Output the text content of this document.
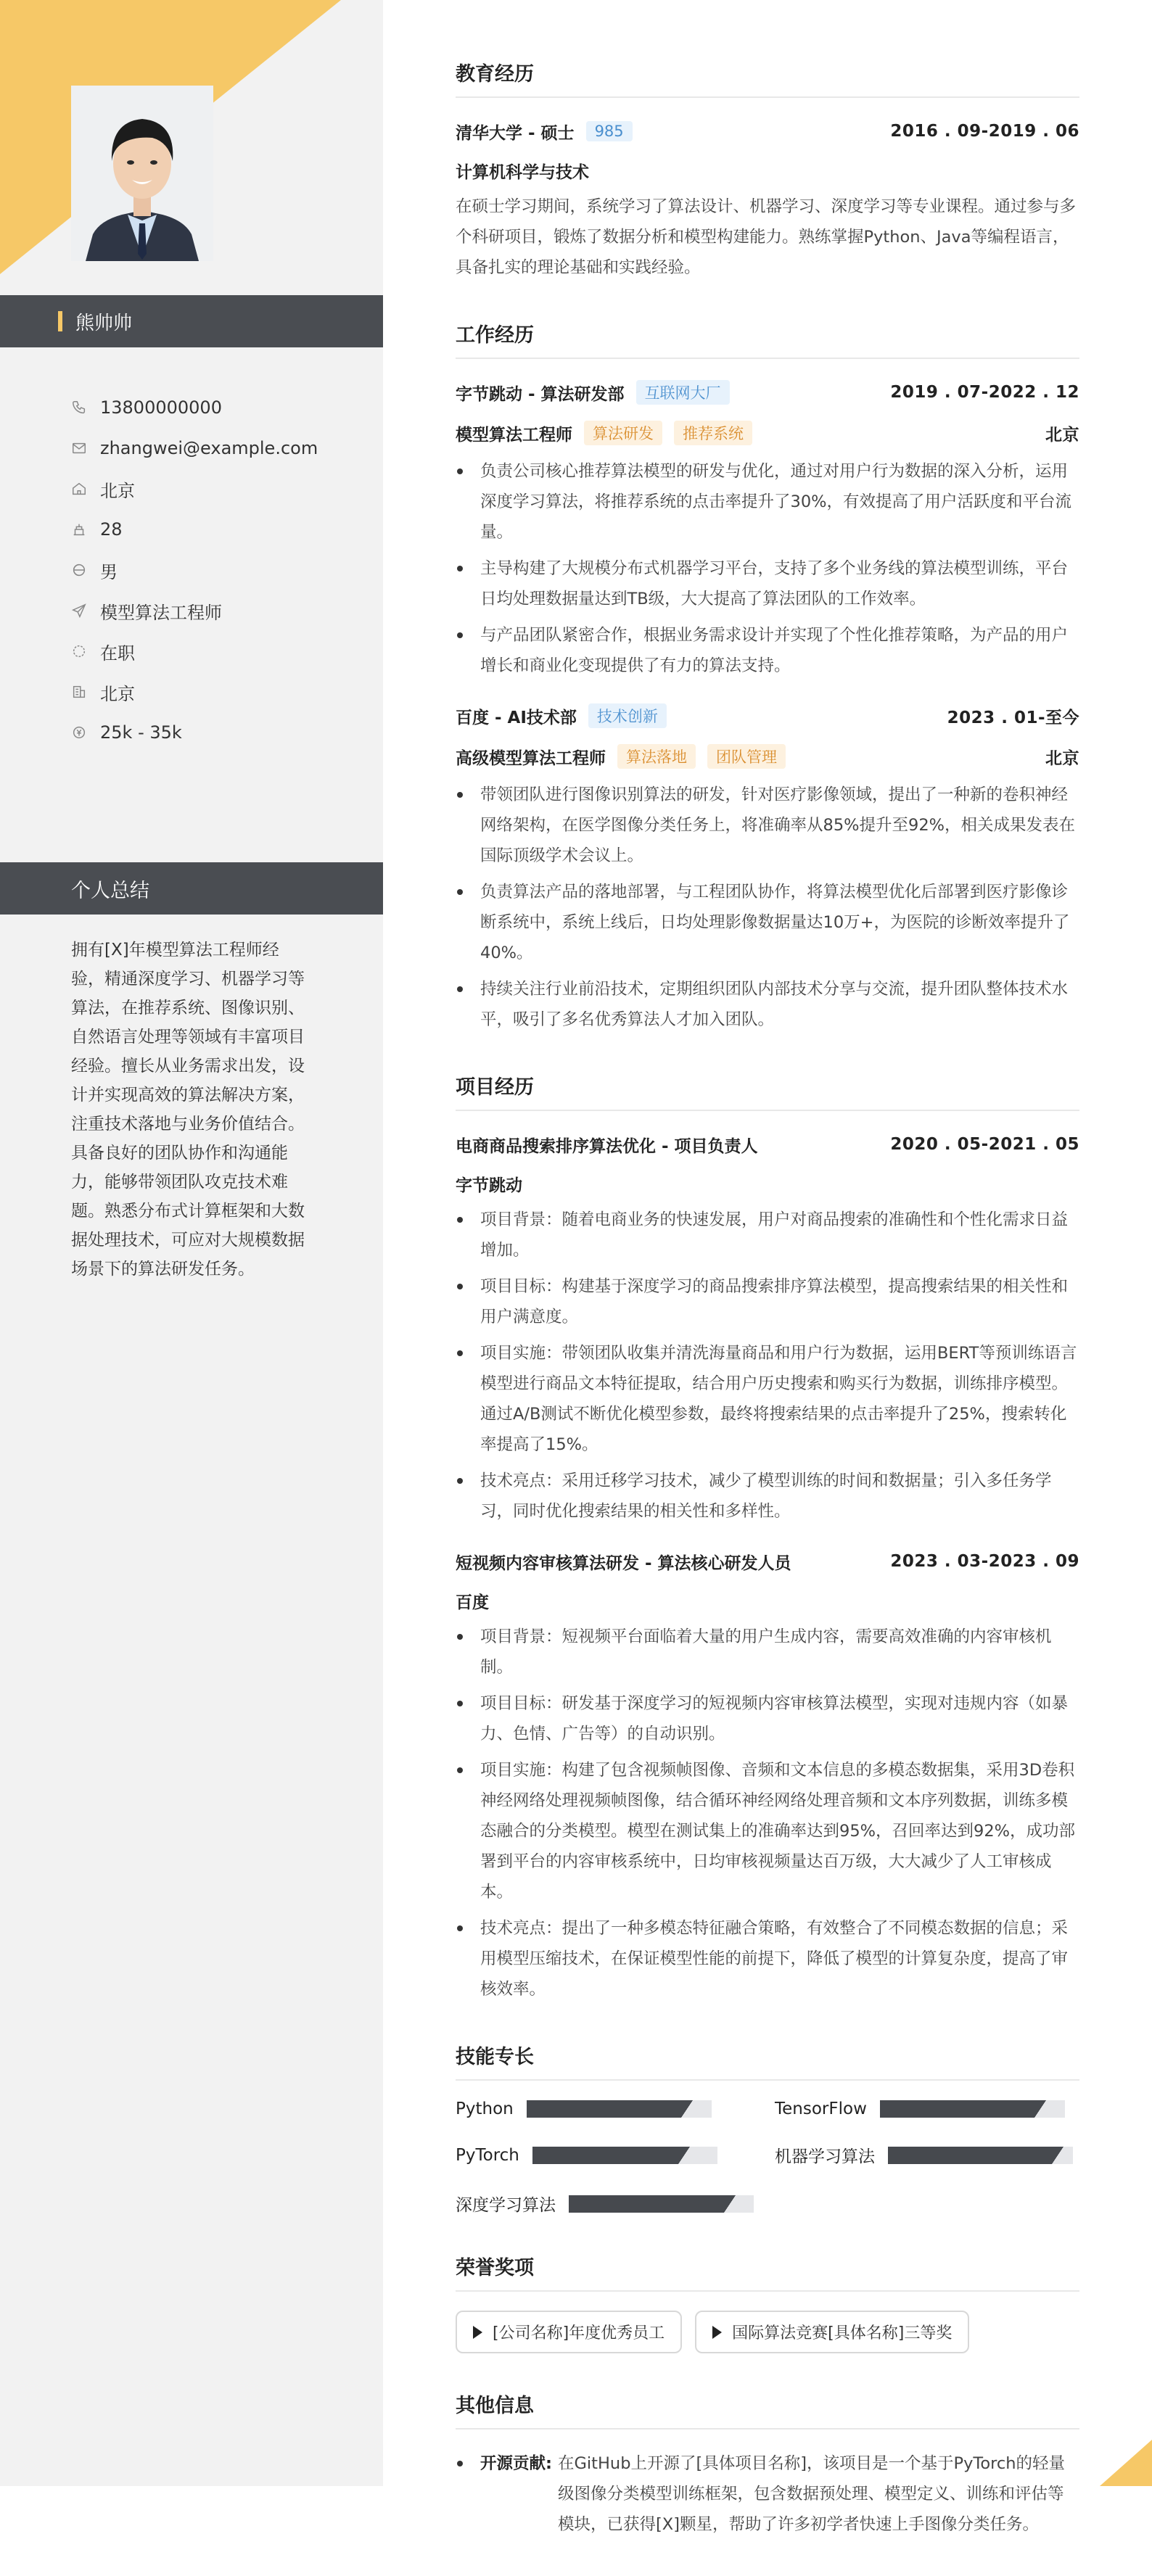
熊帅帅
13800000000
zhangwei@example.com
北京
28
男
模型算法工程师
在职
北京
25k - 35k
个人总结
拥有[X]年模型算法工程师经验，精通深度学习、机器学习等算法，在推荐系统、图像识别、自然语言处理等领域有丰富项目经验。擅长从业务需求出发，设计并实现高效的算法解决方案，注重技术落地与业务价值结合。具备良好的团队协作和沟通能力，能够带领团队攻克技术难题。熟悉分布式计算框架和大数据处理技术，可应对大规模数据场景下的算法研发任务。
教育经历
清华大学 - 硕士	985	2016 . 09-2019 . 06
计算机科学与技术
在硕士学习期间，系统学习了算法设计、机器学习、深度学习等专业课程。通过参与多个科研项目，锻炼了数据分析和模型构建能力。熟练掌握Python、Java等编程语言，具备扎实的理论基础和实践经验。
工作经历
字节跳动 - 算法研发部	互联网大厂	2019 . 07-2022 . 12
模型算法工程师	算法研发	推荐系统	北京
负责公司核心推荐算法模型的研发与优化，通过对用户行为数据的深入分析，运用深度学习算法，将推荐系统的点击率提升了30%，有效提高了用户活跃度和平台流量。
主导构建了大规模分布式机器学习平台，支持了多个业务线的算法模型训练，平台日均处理数据量达到TB级，大大提高了算法团队的工作效率。
与产品团队紧密合作，根据业务需求设计并实现了个性化推荐策略，为产品的用户增长和商业化变现提供了有力的算法支持。
百度 - AI技术部	技术创新	2023 . 01-至今
高级模型算法工程师	算法落地	团队管理	北京
带领团队进行图像识别算法的研发，针对医疗影像领域，提出了一种新的卷积神经网络架构，在医学图像分类任务上，将准确率从85%提升至92%，相关成果发表在国际顶级学术会议上。
负责算法产品的落地部署，与工程团队协作，将算法模型优化后部署到医疗影像诊断系统中，系统上线后，日均处理影像数据量达10万+，为医院的诊断效率提升了40%。
持续关注行业前沿技术，定期组织团队内部技术分享与交流，提升团队整体技术水平，吸引了多名优秀算法人才加入团队。
项目经历
电商商品搜索排序算法优化 - 项目负责人	2020 . 05-2021 . 05
字节跳动
项目背景：随着电商业务的快速发展，用户对商品搜索的准确性和个性化需求日益增加。
项目目标：构建基于深度学习的商品搜索排序算法模型，提高搜索结果的相关性和用户满意度。
项目实施：带领团队收集并清洗海量商品和用户行为数据，运用BERT等预训练语言模型进行商品文本特征提取，结合用户历史搜索和购买行为数据，训练排序模型。通过A/B测试不断优化模型参数，最终将搜索结果的点击率提升了25%，搜索转化率提高了15%。
技术亮点：采用迁移学习技术，减少了模型训练的时间和数据量；引入多任务学习，同时优化搜索结果的相关性和多样性。
短视频内容审核算法研发 - 算法核心研发人员	2023 . 03-2023 . 09
百度
项目背景：短视频平台面临着大量的用户生成内容，需要高效准确的内容审核机制。
项目目标：研发基于深度学习的短视频内容审核算法模型，实现对违规内容（如暴力、色情、广告等）的自动识别。
项目实施：构建了包含视频帧图像、音频和文本信息的多模态数据集，采用3D卷积神经网络处理视频帧图像，结合循环神经网络处理音频和文本序列数据，训练多模态融合的分类模型。模型在测试集上的准确率达到95%，召回率达到92%，成功部署到平台的内容审核系统中，日均审核视频量达百万级，大大减少了人工审核成本。
技术亮点：提出了一种多模态特征融合策略，有效整合了不同模态数据的信息；采用模型压缩技术，在保证模型性能的前提下，降低了模型的计算复杂度，提高了审核效率。
技能专长
Python	TensorFlow
PyTorch	机器学习算法
深度学习算法
荣誉奖项
[公司名称]年度优秀员工	国际算法竞赛[具体名称]三等奖
其他信息
开源贡献: 在GitHub上开源了[具体项目名称]，该项目是一个基于PyTorch的轻量级图像分类模型训练框架，包含数据预处理、模型定义、训练和评估等模块，已获得[X]颗星，帮助了许多初学者快速上手图像分类任务。
